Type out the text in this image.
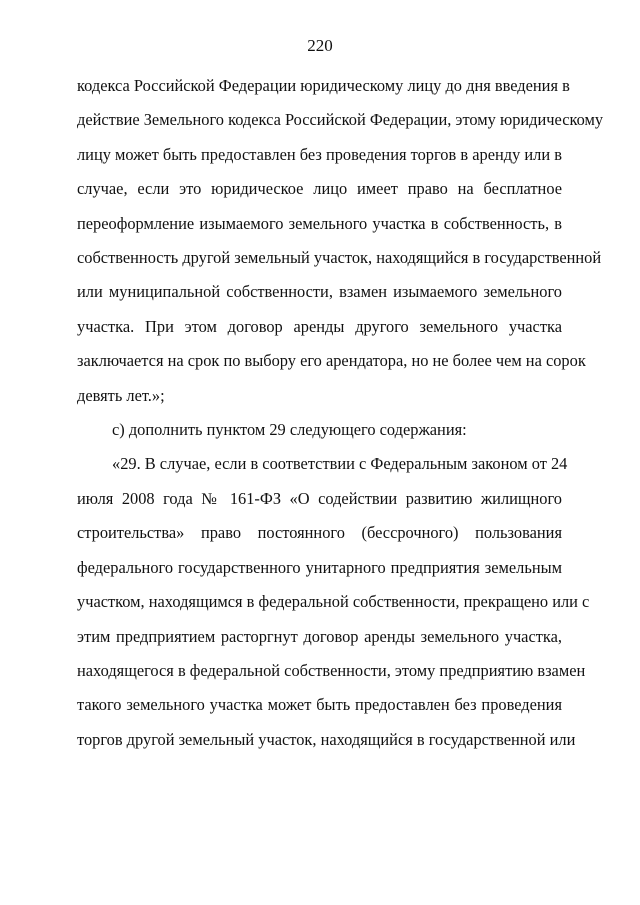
220
кодекса Российской Федерации юридическому лицу до дня введения в
действие Земельного кодекса Российской Федерации, этому юридическому
лицу может быть предоставлен без проведения торгов в аренду или в
случае, если это юридическое лицо имеет право на бесплатное
переоформление изымаемого земельного участка в собственность, в
собственность другой земельный участок, находящийся в государственной
или муниципальной собственности, взамен изымаемого земельного
участка. При этом договор аренды другого земельного участка
заключается на срок по выбору его арендатора, но не более чем на сорок
девять лет.»;
с) дополнить пунктом 29 следующего содержания:
«29. В случае, если в соответствии с Федеральным законом от 24
июля 2008 года № 161-ФЗ «О содействии развитию жилищного
строительства» право постоянного (бессрочного) пользования
федерального государственного унитарного предприятия земельным
участком, находящимся в федеральной собственности, прекращено или с
этим предприятием расторгнут договор аренды земельного участка,
находящегося в федеральной собственности, этому предприятию взамен
такого земельного участка может быть предоставлен без проведения
торгов другой земельный участок, находящийся в государственной или
